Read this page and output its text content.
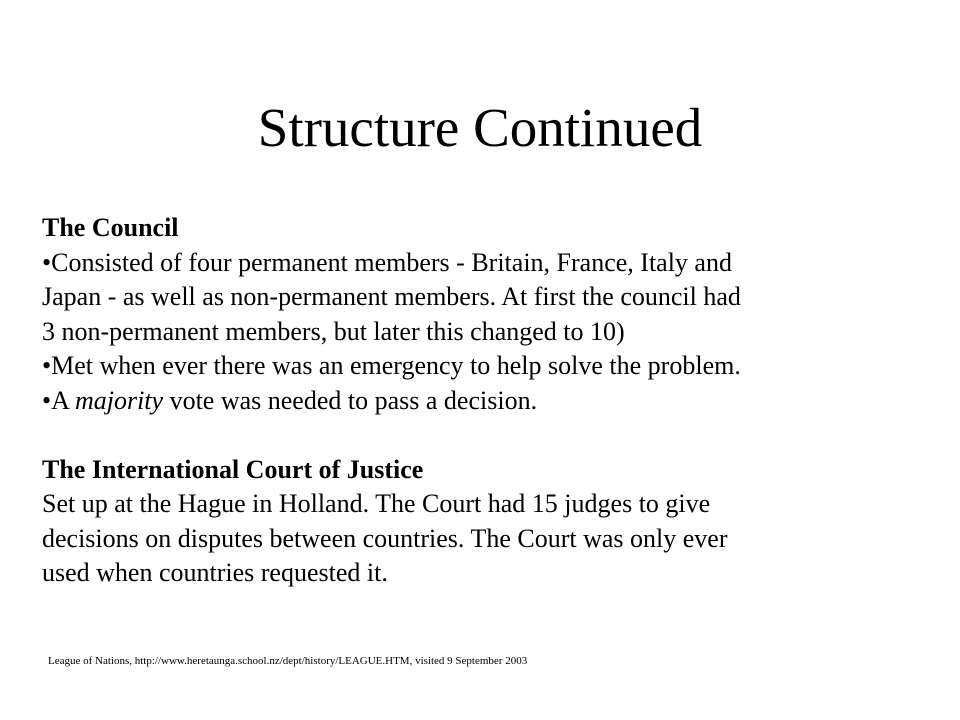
Structure Continued
The Council
•Consisted of four permanent members - Britain, France, Italy and
Japan - as well as non-permanent members. At first the council had
3 non-permanent members, but later this changed to 10)
•Met when ever there was an emergency to help solve the problem.
•A majority vote was needed to pass a decision.
The International Court of Justice
Set up at the Hague in Holland. The Court had 15 judges to give
decisions on disputes between countries. The Court was only ever
used when countries requested it.
League of Nations, http://www.heretaunga.school.nz/dept/history/LEAGUE.HTM, visited 9 September 2003
